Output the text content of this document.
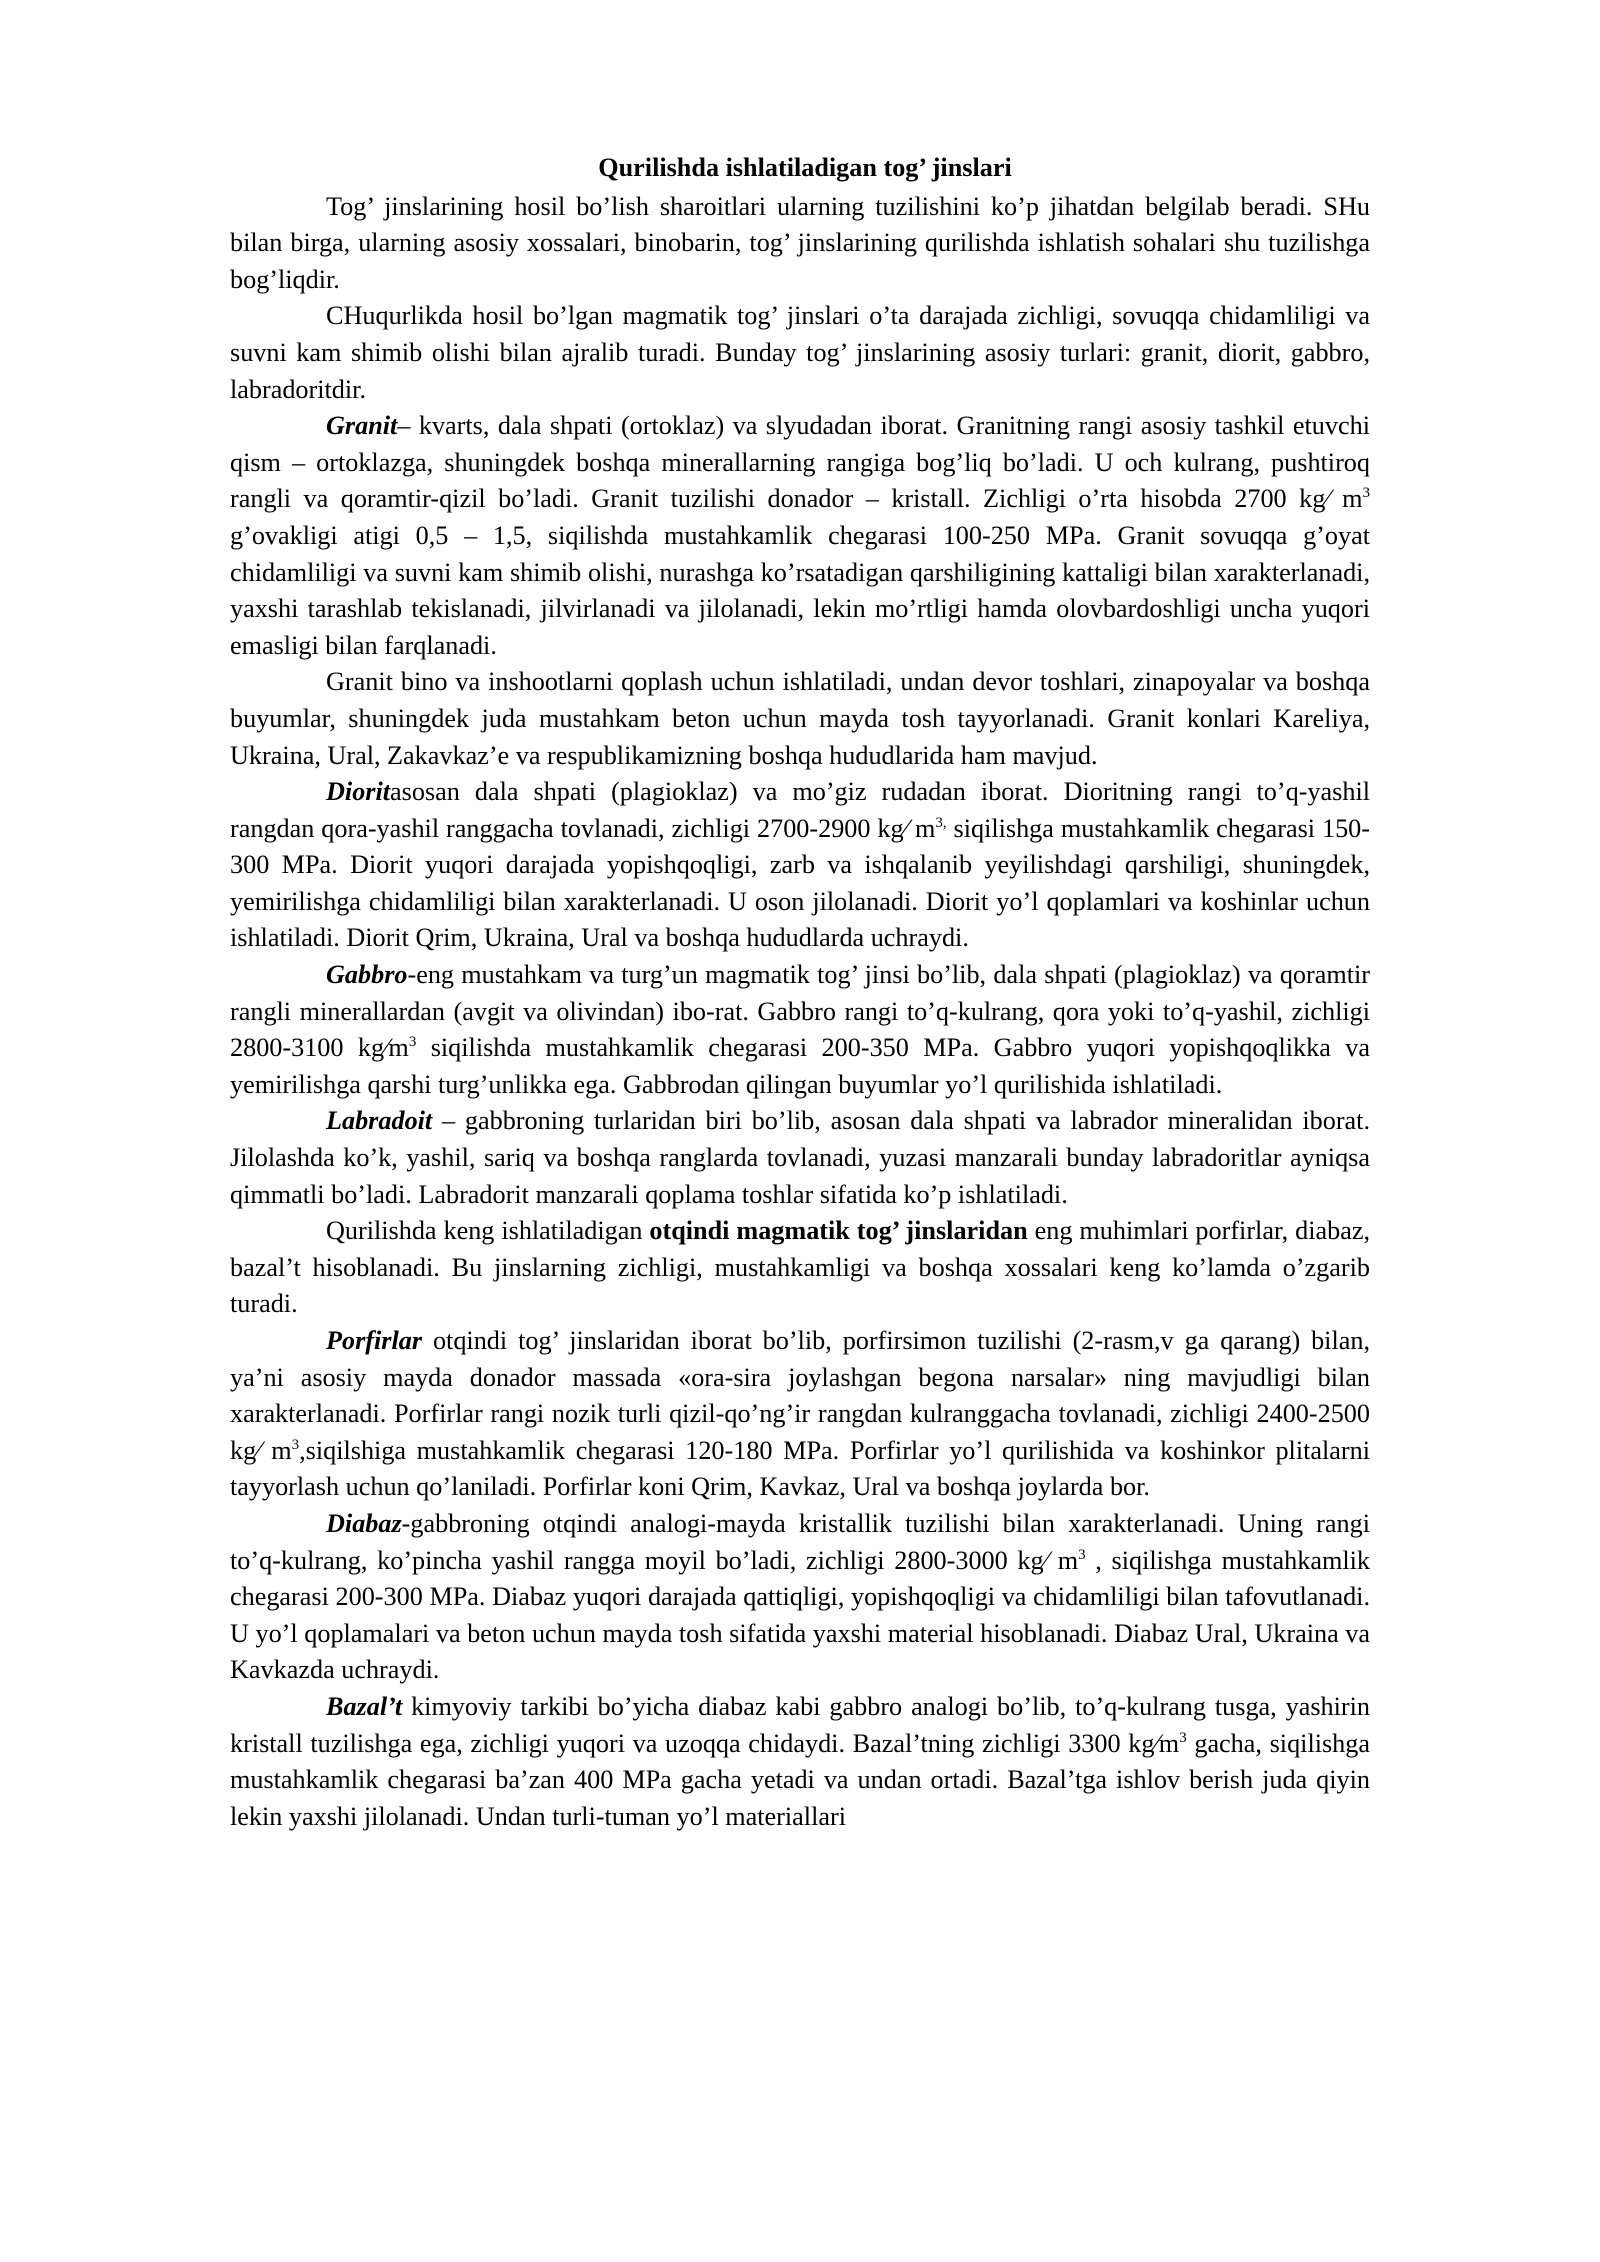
Qurilishda ishlatiladigan tog’ jinslari

Tog’ jinslarining hosil bo’lish sharoitlari ularning tuzilishini ko’p jihatdan belgilab beradi. SHu bilan birga, ularning asosiy xossalari, binobarin, tog’ jinslarining qurilishda ishlatish sohalari shu tuzilishga bog’liqdir.

CHuqurlikda hosil bo’lgan magmatik tog’ jinslari o’ta darajada zichligi, sovuqqa chidamliligi va suvni kam shimib olishi bilan ajralib turadi. Bunday tog’ jinslarining asosiy turlari: granit, diorit, gabbro, labradoritdir.

Granit– kvarts, dala shpati (ortoklaz) va slyudadan iborat. Granitning rangi asosiy tashkil etuvchi qism – ortoklazga, shuningdek boshqa minerallarning rangiga bog’liq bo’ladi. U och kulrang, pushtiroq rangli va qoramtir-qizil bo’ladi. Granit tuzilishi donador – kristall. Zichligi o’rta hisobda 2700 kg⁄ $m^3$ g’ovakligi atigi 0,5 – 1,5, siqilishda mustahkamlik chegarasi 100-250 MPa. Granit sovuqqa g’oyat chidamliligi va suvni kam shimib olishi, nurashga ko’rsatadigan qarshiligining kattaligi bilan xarakterlanadi, yaxshi tarashlab tekislanadi, jilvirlanadi va jilolanadi, lekin mo’rtligi hamda olovbardoshligi uncha yuqori emasligi bilan farqlanadi.

Granit bino va inshootlarni qoplash uchun ishlatiladi, undan devor toshlari, zinapoyalar va boshqa buyumlar, shuningdek juda mustahkam beton uchun mayda tosh tayyorlanadi. Granit konlari Kareliya, Ukraina, Ural, Zakavkaz’e va respublikamizning boshqa hududlarida ham mavjud.

Dioritasosan dala shpati (plagioklaz) va mo’giz rudadan iborat. Dioritning rangi to’q-yashil rangdan qora-yashil ranggacha tovlanadi, zichligi 2700-2900 kg⁄ $m^{3,}$ siqilishga mustahkamlik chegarasi 150-300 MPa. Diorit yuqori darajada yopishqoqligi, zarb va ishqalanib yeyilishdagi qarshiligi, shuningdek, yemirilishga chidamliligi bilan xarakterlanadi. U oson jilolanadi. Diorit yo’l qoplamlari va koshinlar uchun ishlatiladi. Diorit Qrim, Ukraina, Ural va boshqa hududlarda uchraydi.

Gabbro-eng mustahkam va turg’un magmatik tog’ jinsi bo’lib, dala shpati (plagioklaz) va qoramtir rangli minerallardan (avgit va olivindan) ibo-rat. Gabbro rangi to’q-kulrang, qora yoki to’q-yashil, zichligi 2800-3100 $kg⁄m^3$ siqilishda mustahkamlik chegarasi 200-350 MPa. Gabbro yuqori yopishqoqlikka va yemirilishga qarshi turg’unlikka ega. Gabbrodan qilingan buyumlar yo’l qurilishida ishlatiladi.

Labradoit – gabbroning turlaridan biri bo’lib, asosan dala shpati va labrador mineralidan iborat. Jilolashda ko’k, yashil, sariq va boshqa ranglarda tovlanadi, yuzasi manzarali bunday labradoritlar ayniqsa qimmatli bo’ladi. Labradorit manzarali qoplama toshlar sifatida ko’p ishlatiladi.

Qurilishda keng ishlatiladigan otqindi magmatik tog’ jinslaridan eng muhimlari porfirlar, diabaz, bazal’t hisoblanadi. Bu jinslarning zichligi, mustahkamligi va boshqa xossalari keng ko’lamda o’zgarib turadi.

Porfirlar otqindi tog’ jinslaridan iborat bo’lib, porfirsimon tuzilishi (2-rasm,v ga qarang) bilan, ya’ni asosiy mayda donador massada «ora-sira joylashgan begona narsalar» ning mavjudligi bilan xarakterlanadi. Porfirlar rangi nozik turli qizil-qo’ng’ir rangdan kulranggacha tovlanadi, zichligi 2400-2500 kg⁄ $m^3,siqilshiga$ mustahkamlik chegarasi 120-180 MPa. Porfirlar yo’l qurilishida va koshinkor plitalarni tayyorlash uchun qo’laniladi. Porfirlar koni Qrim, Kavkaz, Ural va boshqa joylarda bor.

Diabaz-gabbroning otqindi analogi-mayda kristallik tuzilishi bilan xarakterlanadi. Uning rangi to’q-kulrang, ko’pincha yashil rangga moyil bo’ladi, zichligi 2800-3000 kg⁄ $m^3$ , siqilishga mustahkamlik chegarasi 200-300 MPa. Diabaz yuqori darajada qattiqligi, yopishqoqligi va chidamliligi bilan tafovutlanadi. U yo’l qoplamalari va beton uchun mayda tosh sifatida yaxshi material hisoblanadi. Diabaz Ural, Ukraina va Kavkazda uchraydi.

Bazal’t kimyoviy tarkibi bo’yicha diabaz kabi gabbro analogi bo’lib, to’q-kulrang tusga, yashirin kristall tuzilishga ega, zichligi yuqori va uzoqqa chidaydi. Bazal’tning zichligi 3300 $kg⁄m^3$ gacha, siqilishga mustahkamlik chegarasi ba’zan 400 MPa gacha yetadi va undan ortadi. Bazal’tga ishlov berish juda qiyin lekin yaxshi jilolanadi. Undan turli-tuman yo’l materiallari
